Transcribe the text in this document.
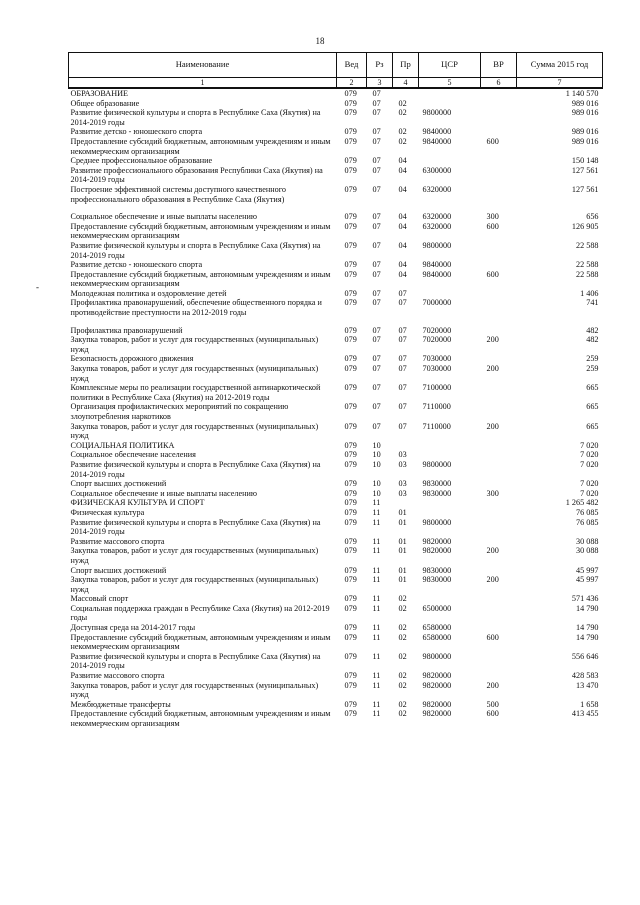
18
-
Наименование	Вед	Рз	Пр	ЦСР	ВР	Сумма 2015 год
1	2	3	4	5	6	7
ОБРАЗОВАНИЕ	079	07				1 140 570
Общее образование	079	07	02			989 016
Развитие физической культуры и спорта в Республике Саха (Якутия) на 2014-2019 годы	079	07	02	9800000		989 016
Развитие детско - юношеского спорта	079	07	02	9840000		989 016
Предоставление субсидий бюджетным, автономным учреждениям и иным некоммерческим организациям	079	07	02	9840000	600	989 016
Среднее профессиональное образование	079	07	04			150 148
Развитие профессионального образования Республики Саха (Якутия) на 2014-2019 годы	079	07	04	6300000		127 561
Построение эффективной системы доступного качественного профессионального образования в Республике Саха (Якутия)	079	07	04	6320000		127 561

Социальное обеспечение и иные выплаты населению	079	07	04	6320000	300	656
Предоставление субсидий бюджетным, автономным учреждениям и иным некоммерческим организациям	079	07	04	6320000	600	126 905
Развитие физической культуры и спорта в Республике Саха (Якутия) на 2014-2019 годы	079	07	04	9800000		22 588
Развитие детско - юношеского спорта	079	07	04	9840000		22 588
Предоставление субсидий бюджетным, автономным учреждениям и иным некоммерческим организациям	079	07	04	9840000	600	22 588
Молодежная политика и оздоровление детей	079	07	07			1 406
Профилактика правонарушений, обеспечение общественного порядка и противодействие преступности на 2012-2019 годы	079	07	07	7000000		741

Профилактика правонарушений	079	07	07	7020000		482
Закупка товаров, работ и услуг для государственных (муниципальных) нужд	079	07	07	7020000	200	482
Безопасность дорожного движения	079	07	07	7030000		259
Закупка товаров, работ и услуг для государственных (муниципальных) нужд	079	07	07	7030000	200	259
Комплексные меры по реализации государственной антинаркотической политики в Республике Саха (Якутия) на 2012-2019 годы	079	07	07	7100000		665
Организация профилактических мероприятий по сокращению злоупотребления наркотиков	079	07	07	7110000		665
Закупка товаров, работ и услуг для государственных (муниципальных) нужд	079	07	07	7110000	200	665
СОЦИАЛЬНАЯ ПОЛИТИКА	079	10				7 020
Социальное обеспечение населения	079	10	03			7 020
Развитие физической культуры и спорта в Республике Саха (Якутия) на 2014-2019 годы	079	10	03	9800000		7 020
Спорт высших достижений	079	10	03	9830000		7 020
Социальное обеспечение и иные выплаты населению	079	10	03	9830000	300	7 020
ФИЗИЧЕСКАЯ КУЛЬТУРА И СПОРТ	079	11				1 265 482
Физическая культура	079	11	01			76 085
Развитие физической культуры и спорта в Республике Саха (Якутия) на 2014-2019 годы	079	11	01	9800000		76 085
Развитие массового спорта	079	11	01	9820000		30 088
Закупка товаров, работ и услуг для государственных (муниципальных) нужд	079	11	01	9820000	200	30 088
Спорт высших достижений	079	11	01	9830000		45 997
Закупка товаров, работ и услуг для государственных (муниципальных) нужд	079	11	01	9830000	200	45 997
Массовый спорт	079	11	02			571 436
Социальная поддержка граждан в Республике Саха (Якутия) на 2012-2019 годы	079	11	02	6500000		14 790
Доступная среда на 2014-2017 годы	079	11	02	6580000		14 790
Предоставление субсидий бюджетным, автономным учреждениям и иным некоммерческим организациям	079	11	02	6580000	600	14 790
Развитие физической культуры и спорта в Республике Саха (Якутия) на 2014-2019 годы	079	11	02	9800000		556 646
Развитие массового спорта	079	11	02	9820000		428 583
Закупка товаров, работ и услуг для государственных (муниципальных) нужд	079	11	02	9820000	200	13 470
Межбюджетные трансферты	079	11	02	9820000	500	1 658
Предоставление субсидий бюджетным, автономным учреждениям и иным некоммерческим организациям	079	11	02	9820000	600	413 455
